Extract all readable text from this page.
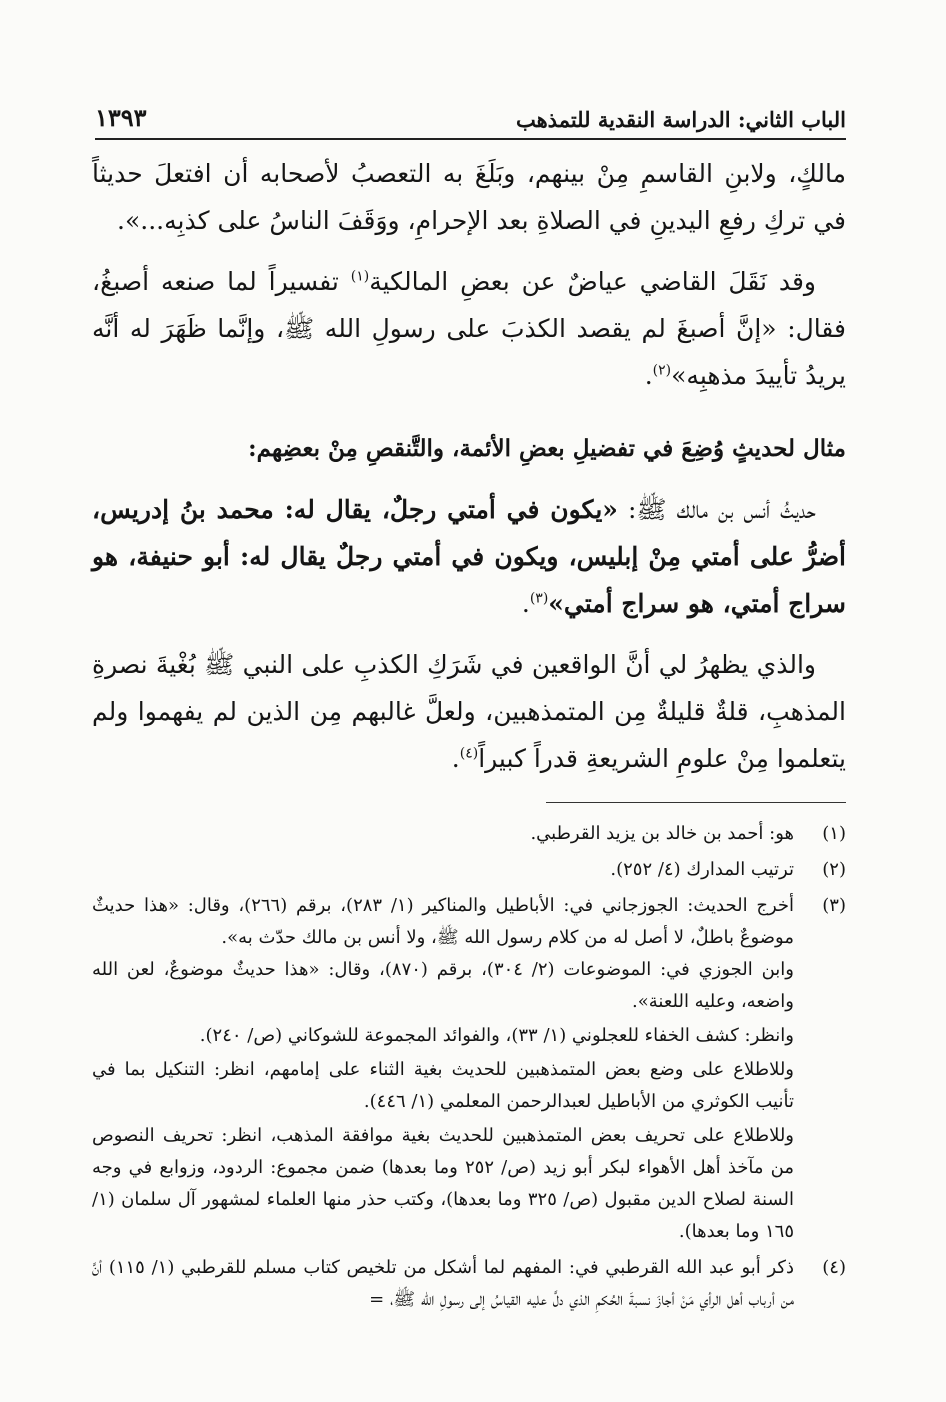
الباب الثاني: الدراسة النقدية للتمذهب
١٣٩٣

مالكٍ، ولابنِ القاسمِ مِنْ بينهم، وبَلَغَ به التعصبُ لأصحابه أن افتعلَ حديثاً في تركِ رفعِ اليدينِ في الصلاةِ بعد الإحرامِ، ووَقَفَ الناسُ على كذبِه...».

وقد نَقَلَ القاضي عياضٌ عن بعضِ المالكية$^{(١)}$ تفسيراً لما صنعه أصبغُ، فقال: «إنَّ أصبغَ لم يقصد الكذبَ على رسولِ الله ﷺ، وإنَّما ظَهَرَ له أنَّه يريدُ تأييدَ مذهبِه»$^{(٢)}$.

مثال لحديثٍ وُضِعَ في تفضيلِ بعضِ الأئمة، والتَّنقصِ مِنْ بعضِهم:

حديثُ أنس بن مالك ﷺ: «يكون في أمتي رجلٌ، يقال له: محمد بنُ إدريس، أضرُّ على أمتي مِنْ إبليس، ويكون في أمتي رجلٌ يقال له: أبو حنيفة، هو سراج أمتي، هو سراج أمتي»$^{(٣)}$.

والذي يظهرُ لي أنَّ الواقعين في شَرَكِ الكذبِ على النبي ﷺ بُغْيةَ نصرةِ المذهبِ، قلةٌ قليلةٌ مِن المتمذهبين، ولعلَّ غالبهم مِن الذين لم يفهموا ولم يتعلموا مِنْ علومِ الشريعةِ قدراً كبيراً$^{(٤)}$.

(١)
هو: أحمد بن خالد بن يزيد القرطبي.
(٢)
ترتيب المدارك (٤/ ٢٥٢).
(٣)
أخرج الحديث: الجوزجاني في: الأباطيل والمناكير (١/ ٢٨٣)، برقم (٢٦٦)، وقال: «هذا حديثٌ موضوعٌ باطلٌ، لا أصل له من كلام رسول الله ﷺ، ولا أنس بن مالك حدّث به».
وابن الجوزي في: الموضوعات (٢/ ٣٠٤)، برقم (٨٧٠)، وقال: «هذا حديثٌ موضوعٌ، لعن الله واضعه، وعليه اللعنة».
وانظر: كشف الخفاء للعجلوني (١/ ٣٣)، والفوائد المجموعة للشوكاني (ص/ ٢٤٠).
وللاطلاع على وضع بعض المتمذهبين للحديث بغية الثناء على إمامهم، انظر: التنكيل بما في تأنيب الكوثري من الأباطيل لعبدالرحمن المعلمي (١/ ٤٤٦).
وللاطلاع على تحريف بعض المتمذهبين للحديث بغية موافقة المذهب، انظر: تحريف النصوص من مآخذ أهل الأهواء لبكر أبو زيد (ص/ ٢٥٢ وما بعدها) ضمن مجموع: الردود، وزوابع في وجه السنة لصلاح الدين مقبول (ص/ ٣٢٥ وما بعدها)، وكتب حذر منها العلماء لمشهور آل سلمان (١/ ١٦٥ وما بعدها).
(٤)
ذكر أبو عبد الله القرطبي في: المفهم لما أشكل من تلخيص كتاب مسلم للقرطبي (١/ ١١٥) أنَّ من أرباب أهل الرأي مَنْ أجازَ نسبةَ الحُكمِ الذي دلَّ عليه القياسُ إلى رسولِ الله ﷺ، =
